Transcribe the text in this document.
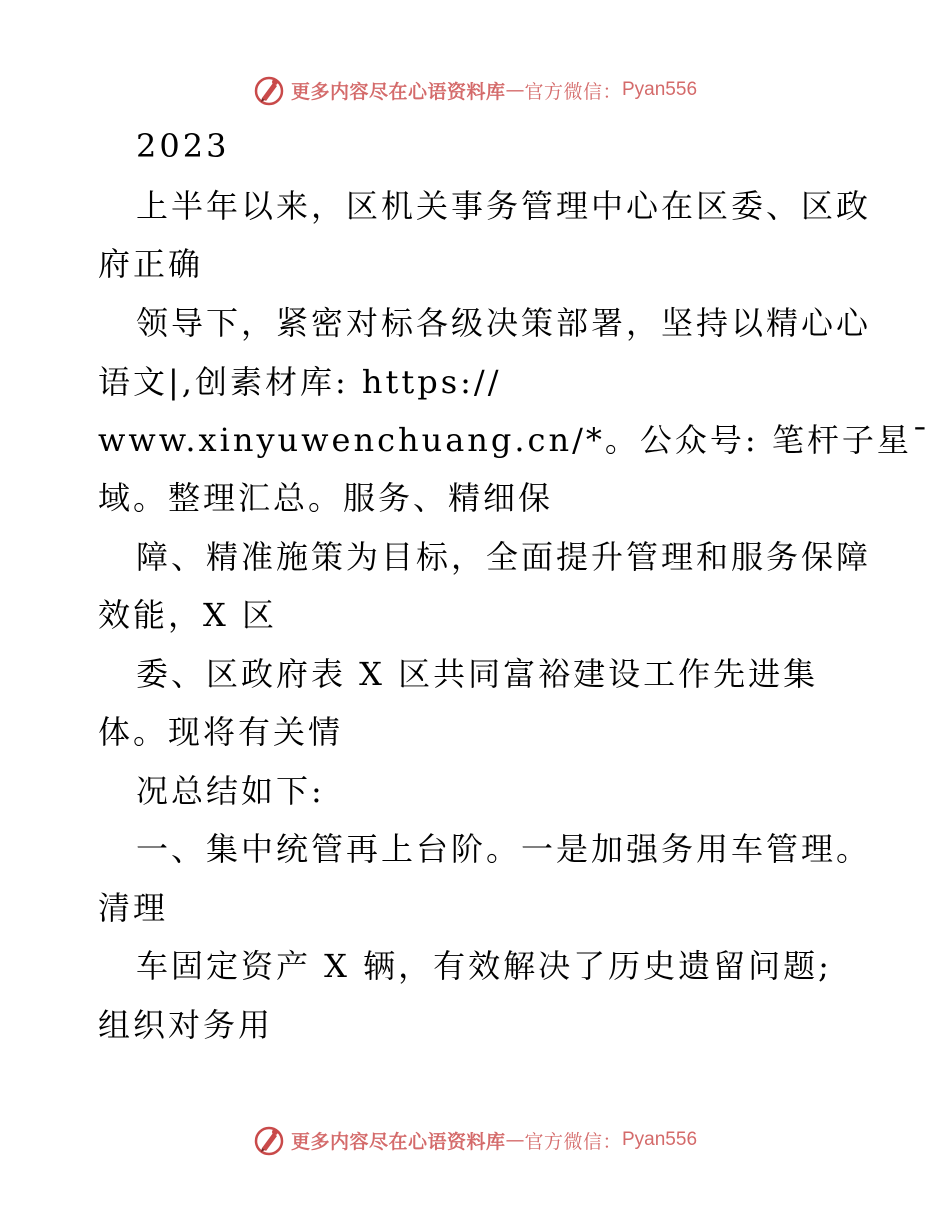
更多内容尽在心语资料库 — 官方微信： Pyan556
2023
上半年以来，区机关事务管理中心在区委、区政
府正确
领导下，紧密对标各级决策部署，坚持以精心心
语文|,创素材库: https://
www.xinyuwenchuang.cn/*。公众号: 笔杆子星¯
域。整理汇总。服务、精细保
障、精准施策为目标，全面提升管理和服务保障
效能，X 区
委、区政府表 X 区共同富裕建设工作先进集
体。现将有关情
况总结如下:
一、集中统管再上台阶。一是加强务用车管理。
清理
车固定资产 X 辆，有效解决了历史遗留问题;
组织对务用
更多内容尽在心语资料库 — 官方微信： Pyan556
